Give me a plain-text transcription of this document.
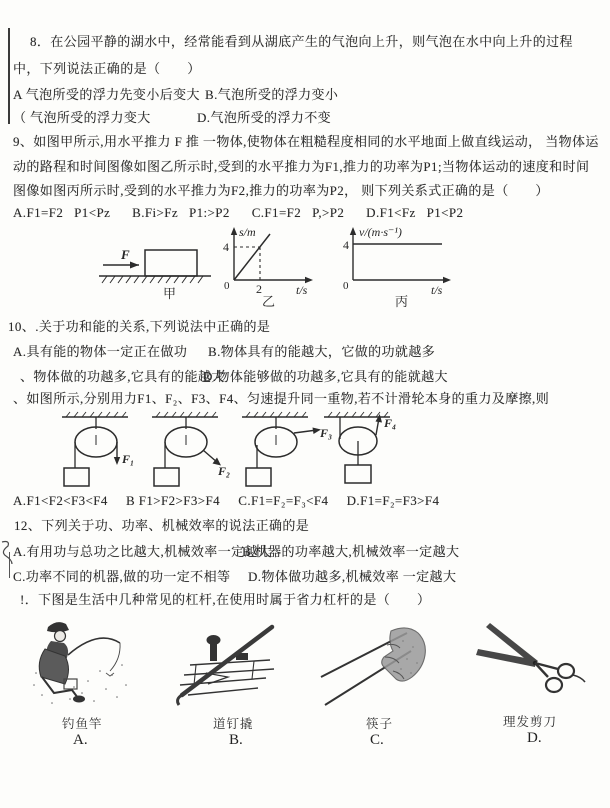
8．在公园平静的湖水中，经常能看到从湖底产生的气泡向上升，则气泡在水中向上升的过程
中，下列说法正确的是（　　）
A 气泡所受的浮力先变小后变大 B.气泡所受的浮力变小
（ 气泡所受的浮力变大	D.气泡所受的浮力不变
9、如图甲所示,用水平推力 F 推 一物体,使物体在粗糙程度相同的水平地面上做直线运动， 当物体运
动的路程和时间图像如图乙所示时,受到的水平推力为F1,推力的功率为P1;当物体运动的速度和时间
图像如图丙所示时,受到的水平推力为F2,推力的功率为P2， 则下列关系式正确的是（　　）
A.F1=F2   P1<Pz      B.Fi>Fz   P1:>P2      C.F1=F2   P,>P2      D.F1<Fz   P1<P2
F
甲
s/m
4
0 2	t/s
乙
v/(m·s⁻¹)
4
0	t/s
丙
10、.关于功和能的关系,下列说法中正确的是
A.具有能的物体一定正在做功 B.物体具有的能越大，它做的功就越多
、物体做的功越多,它具有的能越大
D.物体能够做的功越多,它具有的能就越大
、如图所示,分别用力F1、F₂、F3、F4、匀速提升同一重物,若不计滑轮本身的重力及摩擦,则
F₁
F₂
F₃
F₄
A.F1<F2<F3<F4     B F1>F2>F3>F4     C.F1=F₂=F₃<F4     D.F1=F₂=F3>F4
12、下列关于功、功率、机械效率的说法正确的是
A.有用功与总功之比越大,机械效率一定越大
B.机器的功率越大,机械效率一定越大
C.功率不同的机器,做的功一定不相等 D.物体做功越多,机械效率 一定越大
!．下图是生活中几种常见的杠杆,在使用时属于省力杠杆的是（　　）
钓鱼竿	道钉撬	筷子	理发剪刀
A.	B.	C.	D.
